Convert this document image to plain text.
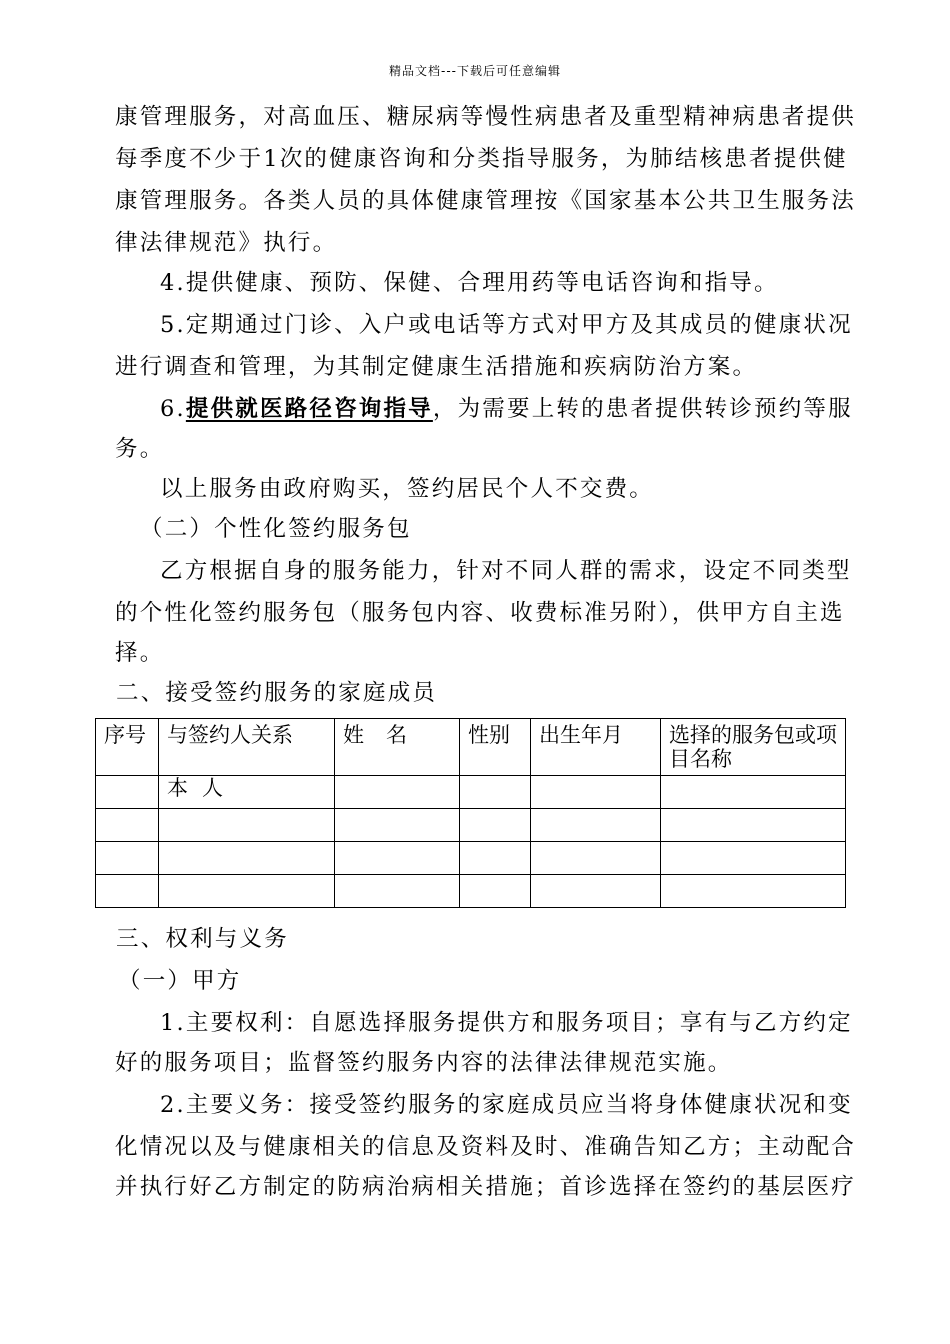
精品文档---下载后可任意编辑
康管理服务，对高血压、糖尿病等慢性病患者及重型精神病患者提供
每季度不少于1次的健康咨询和分类指导服务，为肺结核患者提供健
康管理服务。各类人员的具体健康管理按《国家基本公共卫生服务法
律法律规范》执行。
4.提供健康、预防、保健、合理用药等电话咨询和指导。
5.定期通过门诊、入户或电话等方式对甲方及其成员的健康状况
进行调查和管理，为其制定健康生活措施和疾病防治方案。
6.提供就医路径咨询指导，为需要上转的患者提供转诊预约等服
务。
以上服务由政府购买，签约居民个人不交费。
（二）个性化签约服务包
乙方根据自身的服务能力，针对不同人群的需求，设定不同类型
的个性化签约服务包（服务包内容、收费标准另附），供甲方自主选
择。
二、接受签约服务的家庭成员
序号	与签约人关系	姓名	性别	出生年月	选择的服务包或项目名称
	本人				

三、权利与义务
（一）甲方
1.主要权利：自愿选择服务提供方和服务项目；享有与乙方约定
好的服务项目；监督签约服务内容的法律法律规范实施。
2.主要义务：接受签约服务的家庭成员应当将身体健康状况和变
化情况以及与健康相关的信息及资料及时、准确告知乙方；主动配合
并执行好乙方制定的防病治病相关措施；首诊选择在签约的基层医疗
